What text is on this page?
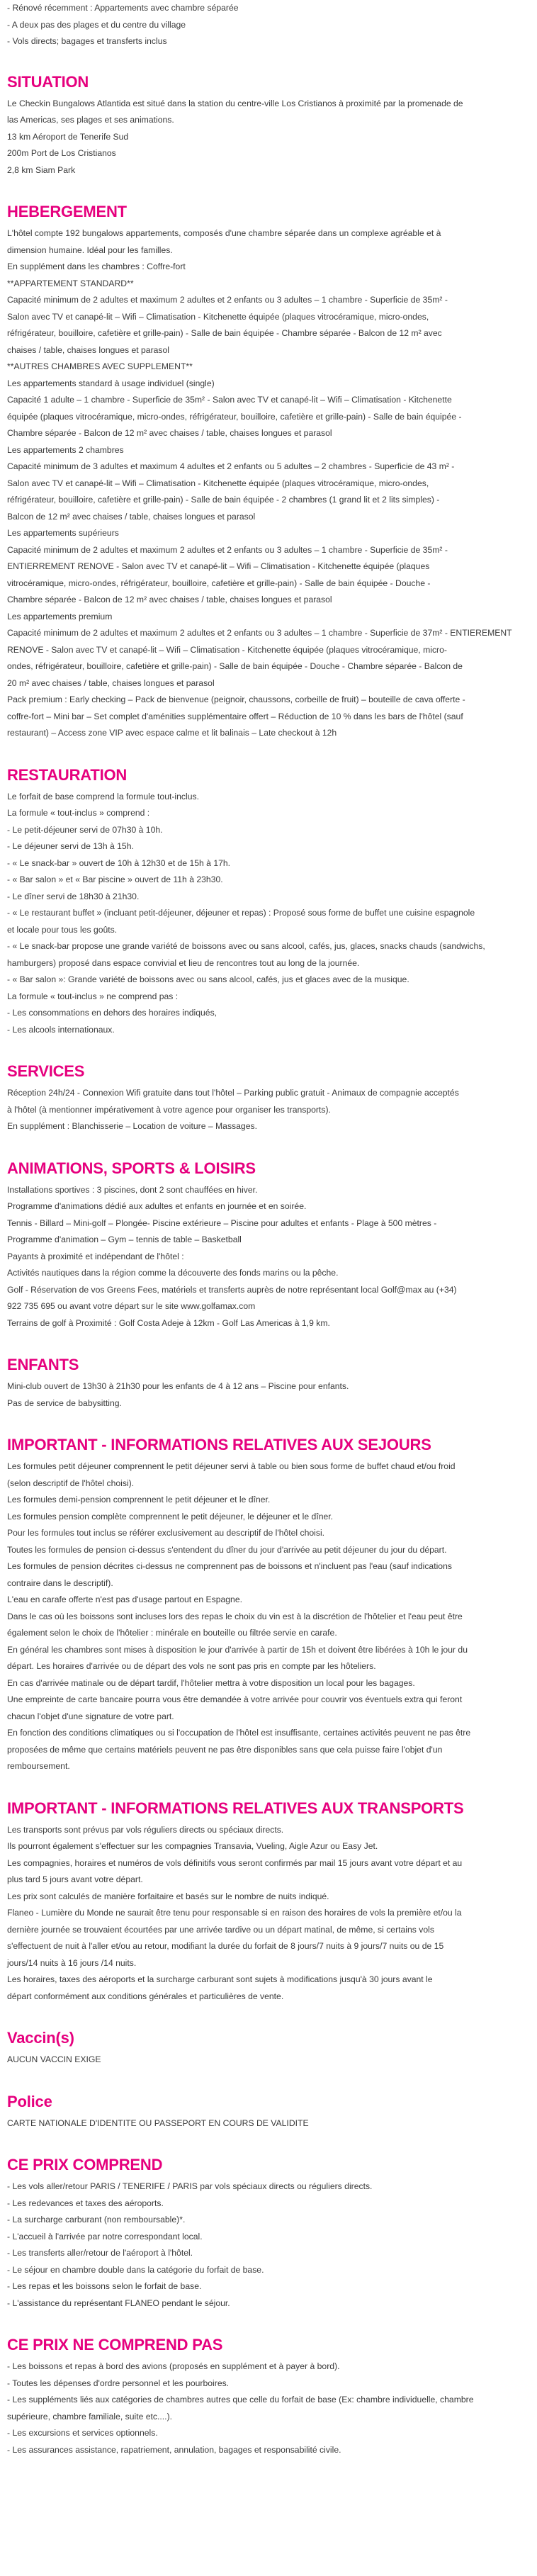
- Rénové récemment : Appartements avec chambre séparée
- A deux pas des plages et du centre du village
- Vols directs; bagages et transferts inclus
SITUATION
Le Checkin Bungalows Atlantida est situé dans la station du centre-ville Los Cristianos à proximité par la promenade de
las Americas, ses plages et ses animations.
13 km Aéroport de Tenerife Sud
200m Port de Los Cristianos
2,8 km Siam Park
HEBERGEMENT
L'hôtel compte 192 bungalows appartements, composés d'une chambre séparée dans un complexe agréable et à
dimension humaine. Idéal pour les familles.
En supplément dans les chambres : Coffre-fort
**APPARTEMENT STANDARD**
Capacité minimum de 2 adultes et maximum 2 adultes et 2 enfants ou 3 adultes – 1 chambre - Superficie de 35m² -
Salon avec TV et canapé-lit – Wifi – Climatisation - Kitchenette équipée (plaques vitrocéramique, micro-ondes,
réfrigérateur, bouilloire, cafetière et grille-pain) - Salle de bain équipée - Chambre séparée - Balcon de 12 m² avec
chaises / table, chaises longues et parasol
**AUTRES CHAMBRES AVEC SUPPLEMENT**
Les appartements standard à usage individuel (single)
Capacité 1 adulte – 1 chambre - Superficie de 35m² - Salon avec TV et canapé-lit – Wifi – Climatisation - Kitchenette
équipée (plaques vitrocéramique, micro-ondes, réfrigérateur, bouilloire, cafetière et grille-pain) - Salle de bain équipée -
Chambre séparée - Balcon de 12 m² avec chaises / table, chaises longues et parasol
Les appartements 2 chambres
Capacité minimum de 3 adultes et maximum 4 adultes et 2 enfants ou 5 adultes – 2 chambres - Superficie de 43 m² -
Salon avec TV et canapé-lit – Wifi – Climatisation - Kitchenette équipée (plaques vitrocéramique, micro-ondes,
réfrigérateur, bouilloire, cafetière et grille-pain) - Salle de bain équipée - 2 chambres (1 grand lit et 2 lits simples) -
Balcon de 12 m² avec chaises / table, chaises longues et parasol
Les appartements supérieurs
Capacité minimum de 2 adultes et maximum 2 adultes et 2 enfants ou 3 adultes – 1 chambre - Superficie de 35m² -
ENTIERREMENT RENOVE - Salon avec TV et canapé-lit – Wifi – Climatisation - Kitchenette équipée (plaques
vitrocéramique, micro-ondes, réfrigérateur, bouilloire, cafetière et grille-pain) - Salle de bain équipée - Douche -
Chambre séparée - Balcon de 12 m² avec chaises / table, chaises longues et parasol
Les appartements premium
Capacité minimum de 2 adultes et maximum 2 adultes et 2 enfants ou 3 adultes – 1 chambre - Superficie de 37m² - ENTIEREMENT
RENOVE - Salon avec TV et canapé-lit – Wifi – Climatisation - Kitchenette équipée (plaques vitrocéramique, micro-
ondes, réfrigérateur, bouilloire, cafetière et grille-pain) - Salle de bain équipée - Douche - Chambre séparée - Balcon de
20 m² avec chaises / table, chaises longues et parasol
Pack premium : Early checking – Pack de bienvenue (peignoir, chaussons, corbeille de fruit) – bouteille de cava offerte -
coffre-fort – Mini bar – Set complet d'aménities supplémentaire offert – Réduction de 10 % dans les bars de l'hôtel (sauf
restaurant) – Access zone VIP avec espace calme et lit balinais – Late checkout à 12h
RESTAURATION
Le forfait de base comprend la formule tout-inclus.
La formule « tout-inclus » comprend :
- Le petit-déjeuner servi de 07h30 à 10h.
- Le déjeuner servi de 13h à 15h.
- « Le snack-bar » ouvert de 10h à 12h30 et de 15h à 17h.
- « Bar salon » et « Bar piscine » ouvert de 11h à 23h30.
- Le dîner servi de 18h30 à 21h30.
- « Le restaurant buffet » (incluant petit-déjeuner, déjeuner et repas) : Proposé sous forme de buffet une cuisine espagnole
et locale pour tous les goûts.
- « Le snack-bar propose une grande variété de boissons avec ou sans alcool, cafés, jus, glaces, snacks chauds (sandwichs,
hamburgers) proposé dans espace convivial et lieu de rencontres tout au long de la journée.
- « Bar salon »: Grande variété de boissons avec ou sans alcool, cafés, jus et glaces avec de la musique.
La formule « tout-inclus » ne comprend pas :
- Les consommations en dehors des horaires indiqués,
- Les alcools internationaux.
SERVICES
Réception 24h/24 - Connexion Wifi gratuite dans tout l'hôtel – Parking public gratuit - Animaux de compagnie acceptés
à l'hôtel (à mentionner impérativement à votre agence pour organiser les transports).
En supplément : Blanchisserie – Location de voiture – Massages.
ANIMATIONS, SPORTS & LOISIRS
Installations sportives : 3 piscines, dont 2 sont chauffées en hiver.
Programme d'animations dédié aux adultes et enfants en journée et en soirée.
Tennis - Billard – Mini-golf – Plongée- Piscine extérieure – Piscine pour adultes et enfants - Plage à 500 mètres -
Programme d'animation – Gym – tennis de table – Basketball
Payants à proximité et indépendant de l'hôtel :
Activités nautiques dans la région comme la découverte des fonds marins ou la pêche.
Golf - Réservation de vos Greens Fees, matériels et transferts auprès de notre représentant local Golf@max au (+34)
922 735 695 ou avant votre départ sur le site www.golfamax.com
Terrains de golf à Proximité : Golf Costa Adeje à 12km - Golf Las Americas à 1,9 km.
ENFANTS
Mini-club ouvert de 13h30 à 21h30 pour les enfants de 4 à 12 ans – Piscine pour enfants.
Pas de service de babysitting.
IMPORTANT - INFORMATIONS RELATIVES AUX SEJOURS
Les formules petit déjeuner comprennent le petit déjeuner servi à table ou bien sous forme de buffet chaud et/ou froid
(selon descriptif de l'hôtel choisi).
Les formules demi-pension comprennent le petit déjeuner et le dîner.
Les formules pension complète comprennent le petit déjeuner, le déjeuner et le dîner.
Pour les formules tout inclus se référer exclusivement au descriptif de l'hôtel choisi.
Toutes les formules de pension ci-dessus s'entendent du dîner du jour d'arrivée au petit déjeuner du jour du départ.
Les formules de pension décrites ci-dessus ne comprennent pas de boissons et n'incluent pas l'eau (sauf indications
contraire dans le descriptif).
L'eau en carafe offerte n'est pas d'usage partout en Espagne.
Dans le cas où les boissons sont incluses lors des repas le choix du vin est à la discrétion de l'hôtelier et l'eau peut être
également selon le choix de l'hôtelier : minérale en bouteille ou filtrée servie en carafe.
En général les chambres sont mises à disposition le jour d'arrivée à partir de 15h et doivent être libérées à 10h le jour du
départ. Les horaires d'arrivée ou de départ des vols ne sont pas pris en compte par les hôteliers.
En cas d'arrivée matinale ou de départ tardif, l'hôtelier mettra à votre disposition un local pour les bagages.
Une empreinte de carte bancaire pourra vous être demandée à votre arrivée pour couvrir vos éventuels extra qui feront
chacun l'objet d'une signature de votre part.
En fonction des conditions climatiques ou si l'occupation de l'hôtel est insuffisante, certaines activités peuvent ne pas être
proposées de même que certains matériels peuvent ne pas être disponibles sans que cela puisse faire l'objet d'un
remboursement.
IMPORTANT - INFORMATIONS RELATIVES AUX TRANSPORTS
Les transports sont prévus par vols réguliers directs ou spéciaux directs.
Ils pourront également s'effectuer sur les compagnies Transavia, Vueling, Aigle Azur ou Easy Jet.
Les compagnies, horaires et numéros de vols définitifs vous seront confirmés par mail 15 jours avant votre départ et au
plus tard 5 jours avant votre départ.
Les prix sont calculés de manière forfaitaire et basés sur le nombre de nuits indiqué.
Flaneo - Lumière du Monde ne saurait être tenu pour responsable si en raison des horaires de vols la première et/ou la
dernière journée se trouvaient écourtées par une arrivée tardive ou un départ matinal, de même, si certains vols
s'effectuent de nuit à l'aller et/ou au retour, modifiant la durée du forfait de 8 jours/7 nuits à 9 jours/7 nuits ou de 15
jours/14 nuits à 16 jours /14 nuits.
Les horaires, taxes des aéroports et la surcharge carburant sont sujets à modifications jusqu'à 30 jours avant le
départ conformément aux conditions générales et particulières de vente.
Vaccin(s)
AUCUN VACCIN EXIGE
Police
CARTE NATIONALE D'IDENTITE OU PASSEPORT EN COURS DE VALIDITE
CE PRIX COMPREND
- Les vols aller/retour PARIS / TENERIFE / PARIS par vols spéciaux directs ou réguliers directs.
- Les redevances et taxes des aéroports.
- La surcharge carburant (non remboursable)*.
- L'accueil à l'arrivée par notre correspondant local.
- Les transferts aller/retour de l'aéroport à l'hôtel.
- Le séjour en chambre double dans la catégorie du forfait de base.
- Les repas et les boissons selon le forfait de base.
- L'assistance du représentant FLANEO pendant le séjour.
CE PRIX NE COMPREND PAS
- Les boissons et repas à bord des avions (proposés en supplément et à payer à bord).
- Toutes les dépenses d'ordre personnel et les pourboires.
- Les suppléments liés aux catégories de chambres autres que celle du forfait de base (Ex: chambre individuelle, chambre
supérieure, chambre familiale, suite etc....).
- Les excursions et services optionnels.
- Les assurances assistance, rapatriement, annulation, bagages et responsabilité civile.
